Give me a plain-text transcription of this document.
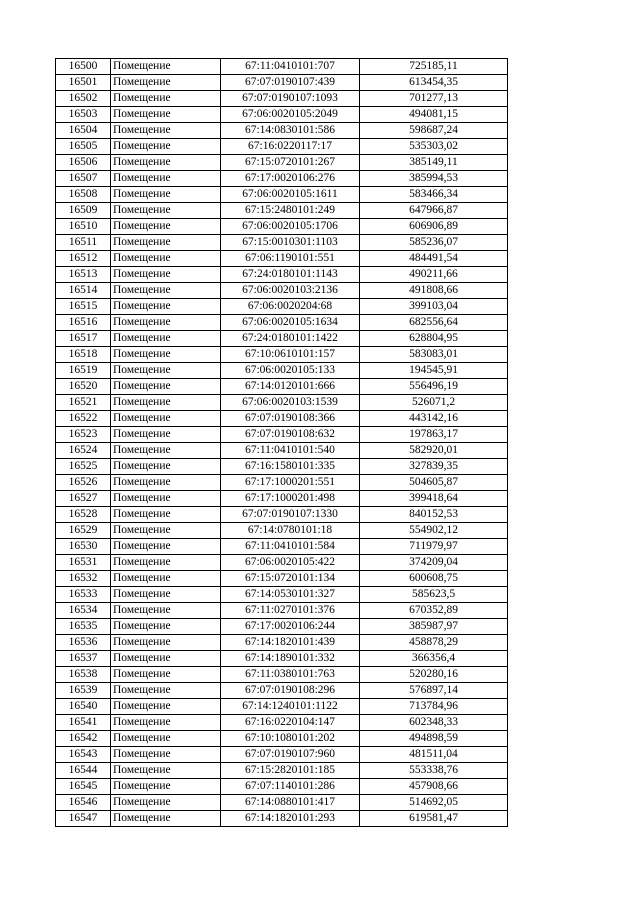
16500	Помещение	67:11:0410101:707	725185,11
16501	Помещение	67:07:0190107:439	613454,35
16502	Помещение	67:07:0190107:1093	701277,13
16503	Помещение	67:06:0020105:2049	494081,15
16504	Помещение	67:14:0830101:586	598687,24
16505	Помещение	67:16:0220117:17	535303,02
16506	Помещение	67:15:0720101:267	385149,11
16507	Помещение	67:17:0020106:276	385994,53
16508	Помещение	67:06:0020105:1611	583466,34
16509	Помещение	67:15:2480101:249	647966,87
16510	Помещение	67:06:0020105:1706	606906,89
16511	Помещение	67:15:0010301:1103	585236,07
16512	Помещение	67:06:1190101:551	484491,54
16513	Помещение	67:24:0180101:1143	490211,66
16514	Помещение	67:06:0020103:2136	491808,66
16515	Помещение	67:06:0020204:68	399103,04
16516	Помещение	67:06:0020105:1634	682556,64
16517	Помещение	67:24:0180101:1422	628804,95
16518	Помещение	67:10:0610101:157	583083,01
16519	Помещение	67:06:0020105:133	194545,91
16520	Помещение	67:14:0120101:666	556496,19
16521	Помещение	67:06:0020103:1539	526071,2
16522	Помещение	67:07:0190108:366	443142,16
16523	Помещение	67:07:0190108:632	197863,17
16524	Помещение	67:11:0410101:540	582920,01
16525	Помещение	67:16:1580101:335	327839,35
16526	Помещение	67:17:1000201:551	504605,87
16527	Помещение	67:17:1000201:498	399418,64
16528	Помещение	67:07:0190107:1330	840152,53
16529	Помещение	67:14:0780101:18	554902,12
16530	Помещение	67:11:0410101:584	711979,97
16531	Помещение	67:06:0020105:422	374209,04
16532	Помещение	67:15:0720101:134	600608,75
16533	Помещение	67:14:0530101:327	585623,5
16534	Помещение	67:11:0270101:376	670352,89
16535	Помещение	67:17:0020106:244	385987,97
16536	Помещение	67:14:1820101:439	458878,29
16537	Помещение	67:14:1890101:332	366356,4
16538	Помещение	67:11:0380101:763	520280,16
16539	Помещение	67:07:0190108:296	576897,14
16540	Помещение	67:14:1240101:1122	713784,96
16541	Помещение	67:16:0220104:147	602348,33
16542	Помещение	67:10:1080101:202	494898,59
16543	Помещение	67:07:0190107:960	481511,04
16544	Помещение	67:15:2820101:185	553338,76
16545	Помещение	67:07:1140101:286	457908,66
16546	Помещение	67:14:0880101:417	514692,05
16547	Помещение	67:14:1820101:293	619581,47
